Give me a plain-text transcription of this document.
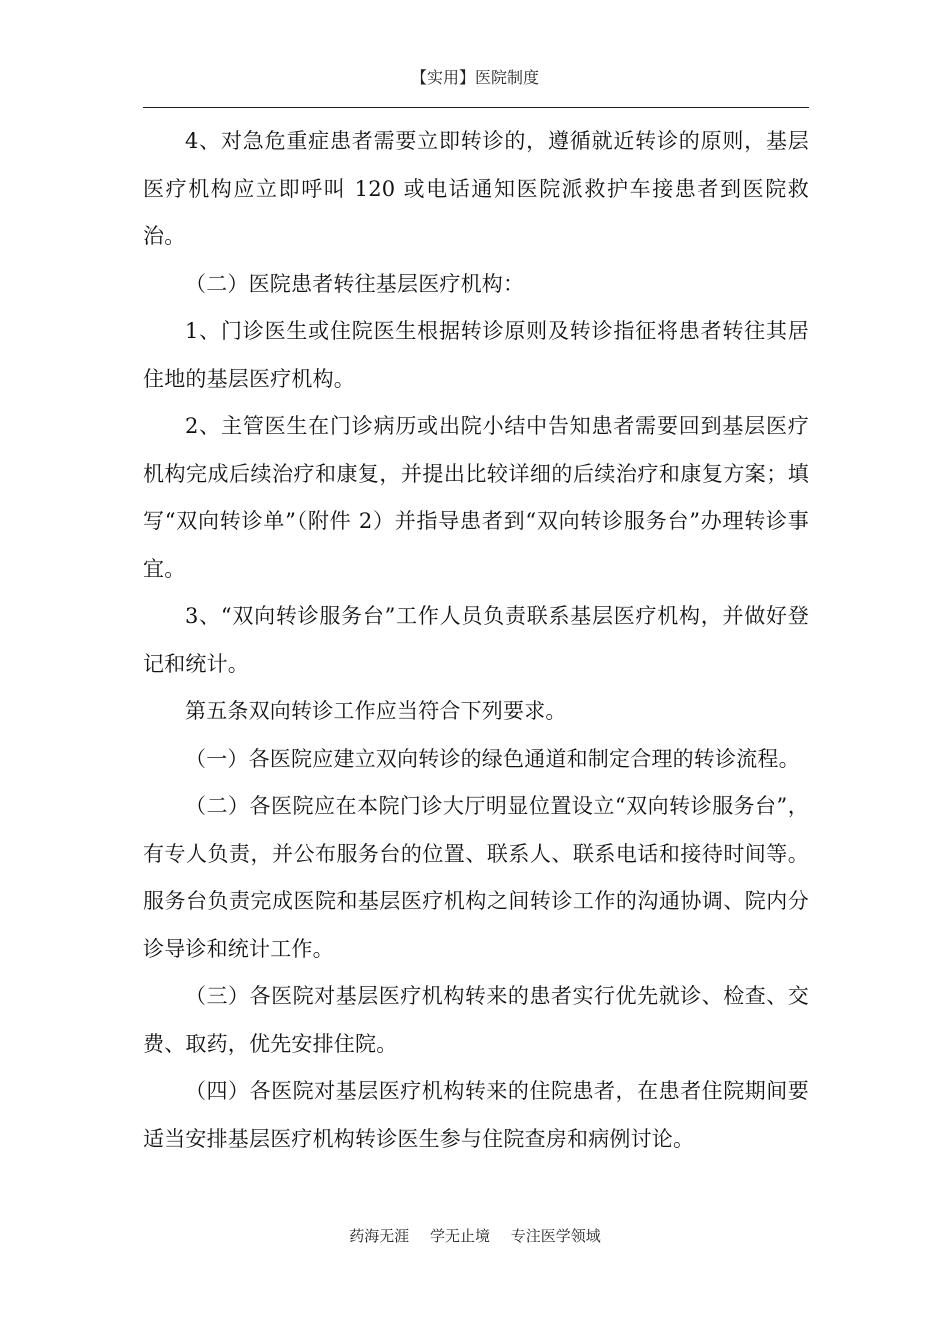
【实用】医院制度

4、对急危重症患者需要立即转诊的，遵循就近转诊的原则，基层医疗机构应立即呼叫 120 或电话通知医院派救护车接患者到医院救治。

（二）医院患者转往基层医疗机构：

1、门诊医生或住院医生根据转诊原则及转诊指征将患者转往其居住地的基层医疗机构。

2、主管医生在门诊病历或出院小结中告知患者需要回到基层医疗机构完成后续治疗和康复，并提出比较详细的后续治疗和康复方案；填写“双向转诊单”（附件 2）并指导患者到“双向转诊服务台”办理转诊事宜。

3、“双向转诊服务台”工作人员负责联系基层医疗机构，并做好登记和统计。

第五条双向转诊工作应当符合下列要求。

（一）各医院应建立双向转诊的绿色通道和制定合理的转诊流程。

（二）各医院应在本院门诊大厅明显位置设立“双向转诊服务台”，有专人负责，并公布服务台的位置、联系人、联系电话和接待时间等。服务台负责完成医院和基层医疗机构之间转诊工作的沟通协调、院内分诊导诊和统计工作。

（三）各医院对基层医疗机构转来的患者实行优先就诊、检查、交费、取药，优先安排住院。

（四）各医院对基层医疗机构转来的住院患者，在患者住院期间要适当安排基层医疗机构转诊医生参与住院查房和病例讨论。

药海无涯 学无止境 专注医学领域
